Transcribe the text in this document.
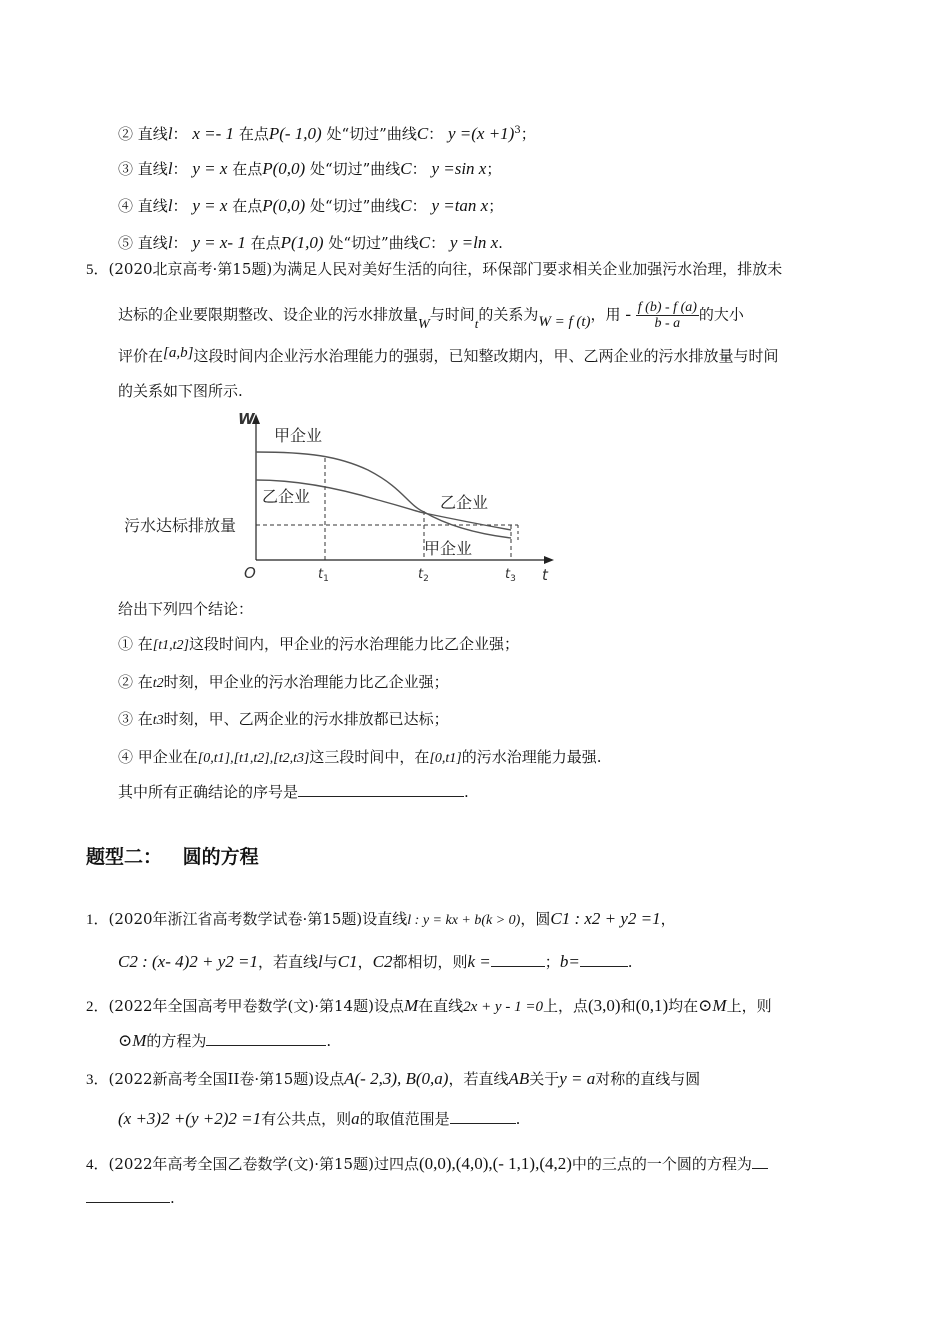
② 直线l： x =- 1 在点P(- 1,0) 处“切过”曲线C： $y =(x +1)^3$；
③ 直线l： y = x 在点P(0,0) 处“切过”曲线C： y =sin x；
④ 直线l： y = x 在点P(0,0) 处“切过”曲线C： y =tan x；
⑤ 直线l： y = x- 1 在点P(1,0) 处“切过”曲线C： y =ln x.
5．(2020北京高考·第15题)为满足人民对美好生活的向往，环保部门要求相关企业加强污水治理，排放未
达标的企业要限期整改、设企业的污水排放量W与时间t的关系为W = f (t)，用 - $\frac{f (b) - f (a)}{b - a}$ 的大小
评价在[a,b]这段时间内企业污水治理能力的强弱，已知整改期内，甲、乙两企业的污水排放量与时间
的关系如下图所示.
W
t
O
甲企业
乙企业	乙企业
甲企业
污水达标排放量
$t_1$	$t_2$	$t_3$
给出下列四个结论：
① 在[t1,t2]这段时间内，甲企业的污水治理能力比乙企业强；
② 在t2时刻，甲企业的污水治理能力比乙企业强；
③ 在t3时刻，甲、乙两企业的污水排放都已达标；
④ 甲企业在[0,t1],[t1,t2],[t2,t3]这三段时间中，在[0,t1]的污水治理能力最强.
其中所有正确结论的序号是	.
题型二： 圆的方程
1．(2020年浙江省高考数学试卷·第15题)设直线l : y = kx + b(k > 0)，圆C1 : x2 + y2 =1，
C2 : (x- 4)2 + y2 =1，若直线l与C1，C2都相切，则k =	；b=	.
2．(2022年全国高考甲卷数学(文)·第14题)设点M在直线2x + y - 1 =0上，点(3,0)和(0,1)均在⊙M上，则
⊙M的方程为	.
3．(2022新高考全国II卷·第15题)设点A(- 2,3), B(0,a)，若直线AB关于y = a对称的直线与圆
(x +3)2 +(y +2)2 =1有公共点，则a的取值范围是	.
4．(2022年高考全国乙卷数学(文)·第15题)过四点(0,0),(4,0),(- 1,1),(4,2)中的三点的一个圆的方程为
.
